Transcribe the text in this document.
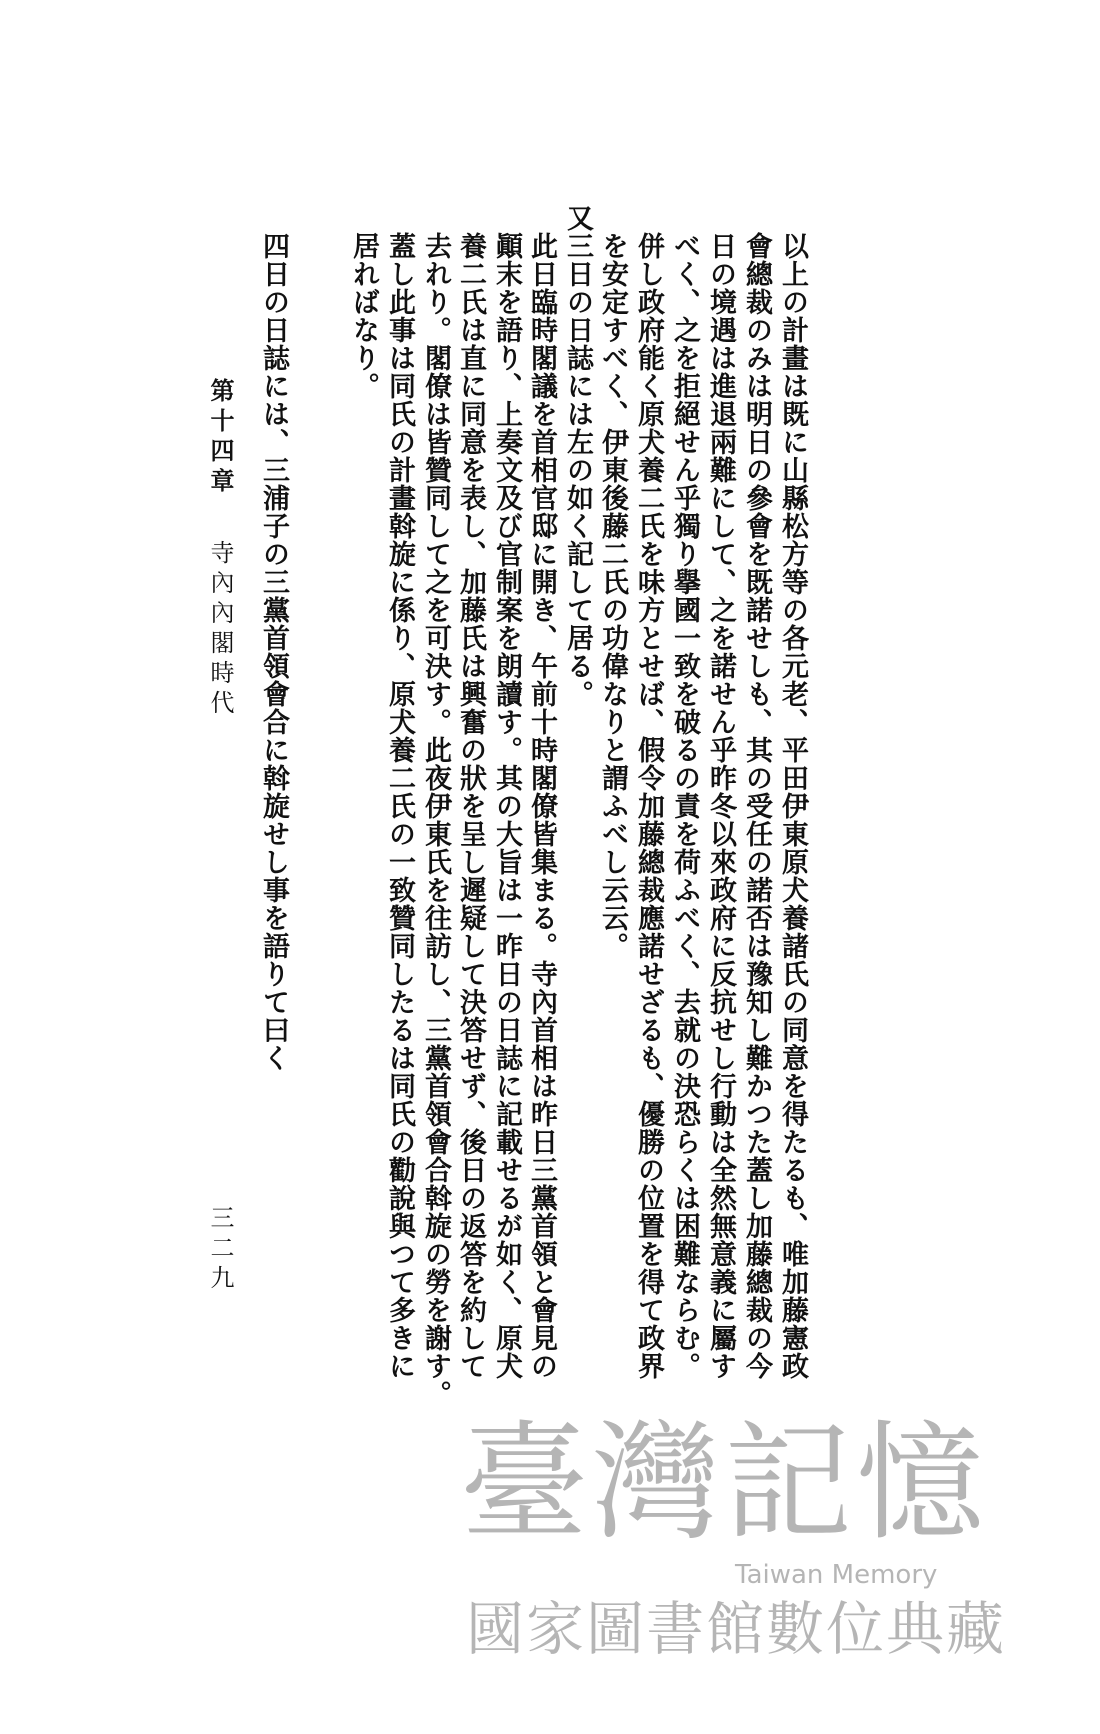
以上の計畫は既に山縣松方等の各元老、平田伊東原犬養諸氏の同意を得たるも、唯加藤憲政
會總裁のみは明日の參會を既諾せしも、其の受任の諾否は豫知し難かつた蓋し加藤總裁の今
日の境遇は進退兩難にして、之を諾せん乎昨冬以來政府に反抗せし行動は全然無意義に屬す
べく、之を拒絕せん乎獨り擧國一致を破るの責を荷ふべく、去就の決恐らくは困難ならむ。
併し政府能く原犬養二氏を味方とせば、假令加藤總裁應諾せざるも、優勝の位置を得て政界
を安定すべく、伊東後藤二氏の功偉なりと謂ふべし云云。
又三日の日誌には左の如く記して居る。
此日臨時閣議を首相官邸に開き、午前十時閣僚皆集まる。寺內首相は昨日三黨首領と會見の
顚末を語り、上奏文及び官制案を朗讀す。其の大旨は一昨日の日誌に記載せるが如く、原犬
養二氏は直に同意を表し、加藤氏は興奮の狀を呈し遲疑して決答せず、後日の返答を約して
去れり。閣僚は皆贊同して之を可決す。此夜伊東氏を往訪し、三黨首領會合斡旋の勞を謝す。
蓋し此事は同氏の計畫斡旋に係り、原犬養二氏の一致贊同したるは同氏の勸說與つて多きに
居ればなり。
四日の日誌には、三浦子の三黨首領會合に斡旋せし事を語りて曰く
第十四章
寺內內閣時代
三二九
臺灣記憶
Taiwan Memory
國家圖書館數位典藏
